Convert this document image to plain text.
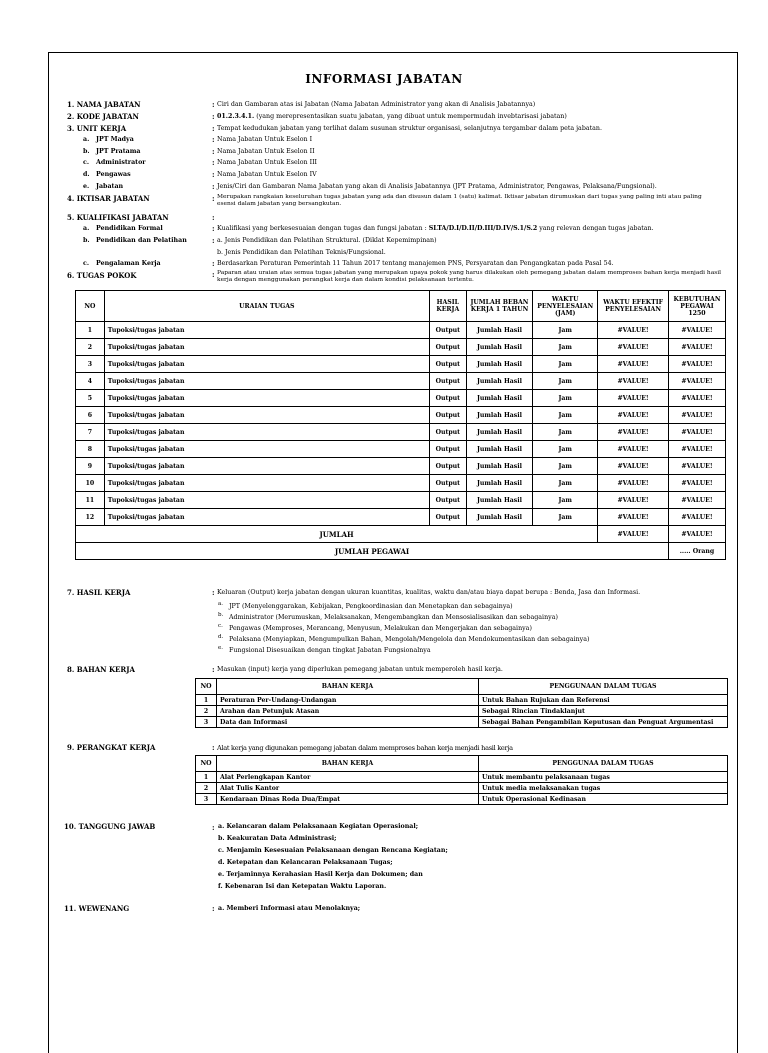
INFORMASI JABATAN
1. NAMA JABATAN	: Ciri dan Gambaran atas isi Jabatan (Nama Jabatan Administrator yang akan di Analisis Jabatannya)
2. KODE JABATAN	: 01.2.3.4.1. (yang merepresentasikan suatu jabatan, yang dibuat untuk mempermudah invebtarisasi jabatan)
3. UNIT KERJA	: Tempat kedudukan jabatan yang terlihat dalam susunan struktur organisasi, selanjutnya tergambar dalam peta jabatan.
a. JPT Madya	: Nama Jabatan Untuk Eselon I
b. JPT Pratama	: Nama Jabatan Untuk Eselon II
c. Administrator	: Nama Jabatan Untuk Eselon III
d. Pengawas	: Nama Jabatan Untuk Eselon IV
e. Jabatan	: Jenis/Ciri dan Gambaran Nama Jabatan yang akan di Analisis Jabatannya (JPT Pratama, Administrator, Pengawas, Pelaksana/Fungsional).
4. IKTISAR JABATAN	: Merupakan rangkaian keseluruhan tugas jabatan yang ada dan disusun dalam 1 (satu) kalimat. Iktisar jabatan dirumuskan dari tugas yang paling inti atau paling esensi dalam jabatan yang bersangkutan.
5. KUALIFIKASI JABATAN	:
a. Pendidikan Formal	: Kualifikasi yang berkesesuaian dengan tugas dan fungsi jabatan : SLTA/D.I/D.II/D.III/D.IV/S.1/S.2 yang relevan dengan tugas jabatan.
b. Pendidikan dan Pelatihan	: a. Jenis Pendidikan dan Pelatihan Struktural. (Diklat Kepemimpinan)
b. Jenis Pendidikan dan Pelatihan Teknis/Fungsional.
c. Pengalaman Kerja	: Berdasarkan Peraturan Pemerintah 11 Tahun 2017 tentang manajemen PNS, Persyaratan dan Pengangkatan pada Pasal 54.
6. TUGAS POKOK	: Paparan atau uraian atas semua tugas jabatan yang merupakan upaya pokok yang harus dilakukan oleh pemegang jabatan dalam memproses bahan kerja menjadi hasil kerja dengan menggunakan perangkat kerja dan dalam kondisi pelaksanaan tertentu.
NO	URAIAN TUGAS	HASIL KERJA	JUMLAH BEBAN KERJA 1 TAHUN	WAKTU PENYELESAIAN (JAM)	WAKTU EFEKTIF PENYELESAIAN	KEBUTUHAN PEGAWAI 1250
1	Tupoksi/tugas jabatan	Output	Jumlah Hasil	Jam	#VALUE!	#VALUE!
2	Tupoksi/tugas jabatan	Output	Jumlah Hasil	Jam	#VALUE!	#VALUE!
3	Tupoksi/tugas jabatan	Output	Jumlah Hasil	Jam	#VALUE!	#VALUE!
4	Tupoksi/tugas jabatan	Output	Jumlah Hasil	Jam	#VALUE!	#VALUE!
5	Tupoksi/tugas jabatan	Output	Jumlah Hasil	Jam	#VALUE!	#VALUE!
6	Tupoksi/tugas jabatan	Output	Jumlah Hasil	Jam	#VALUE!	#VALUE!
7	Tupoksi/tugas jabatan	Output	Jumlah Hasil	Jam	#VALUE!	#VALUE!
8	Tupoksi/tugas jabatan	Output	Jumlah Hasil	Jam	#VALUE!	#VALUE!
9	Tupoksi/tugas jabatan	Output	Jumlah Hasil	Jam	#VALUE!	#VALUE!
10	Tupoksi/tugas jabatan	Output	Jumlah Hasil	Jam	#VALUE!	#VALUE!
11	Tupoksi/tugas jabatan	Output	Jumlah Hasil	Jam	#VALUE!	#VALUE!
12	Tupoksi/tugas jabatan	Output	Jumlah Hasil	Jam	#VALUE!	#VALUE!
JUMLAH					#VALUE!	#VALUE!
JUMLAH PEGAWAI						..... Orang
7. HASIL KERJA	: Keluaran (Output) kerja jabatan dengan ukuran kuantitas, kualitas, waktu dan/atau biaya dapat berupa : Benda, Jasa dan Informasi.
a. JPT (Menyelenggarakan, Kebijakan, Pengkoordinasian dan Menetapkan dan sebagainya)
b. Administrator (Merumuskan, Melaksanakan, Mengembangkan dan Mensosialisasikan dan sebagainya)
c. Pengawas (Memproses, Merancang, Menyusun, Melakukan dan Mengerjakan dan sebagainya)
d. Pelaksana (Menyiapkan, Mengumpulkan Bahan, Mengolah/Mengelola dan Mendokumentasikan dan sebagainya)
e. Fungsional Disesuaikan dengan tingkat Jabatan Fungsionalnya
8. BAHAN KERJA	: Masukan (input) kerja yang diperlukan pemegang jabatan untuk memperoleh hasil kerja.
NO	BAHAN KERJA	PENGGUNAAN DALAM TUGAS
1	Peraturan Per-Undang-Undangan	Untuk Bahan Rujukan dan Referensi
2	Arahan dan Petunjuk Atasan	Sebagai Rincian Tindaklanjut
3	Data dan Informasi	Sebagai Bahan Pengambilan Keputusan dan Penguat Argumentasi
9. PERANGKAT KERJA	: Alat kerja yang digunakan pemegang jabatan dalam memproses bahan kerja menjadi hasil kerja
NO	BAHAN KERJA	PENGGUNAA DALAM TUGAS
1	Alat Perlengkapan Kantor	Untuk membantu pelaksanaan tugas
2	Alat Tulis Kantor	Untuk media melaksanakan tugas
3	Kendaraan Dinas Roda Dua/Empat	Untuk Operasional Kedinasan
10. TANGGUNG JAWAB	: a. Kelancaran dalam Pelaksanaan Kegiatan Operasional;
b. Keakuratan Data Administrasi;
c. Menjamin Kesesuaian Pelaksanaan dengan Rencana Kegiatan;
d. Ketepatan dan Kelancaran Pelaksanaan Tugas;
e. Terjaminnya Kerahasian Hasil Kerja dan Dokumen; dan
f. Kebenaran Isi dan Ketepatan Waktu Laporan.
11. WEWENANG	: a. Memberi Informasi atau Menolaknya;
